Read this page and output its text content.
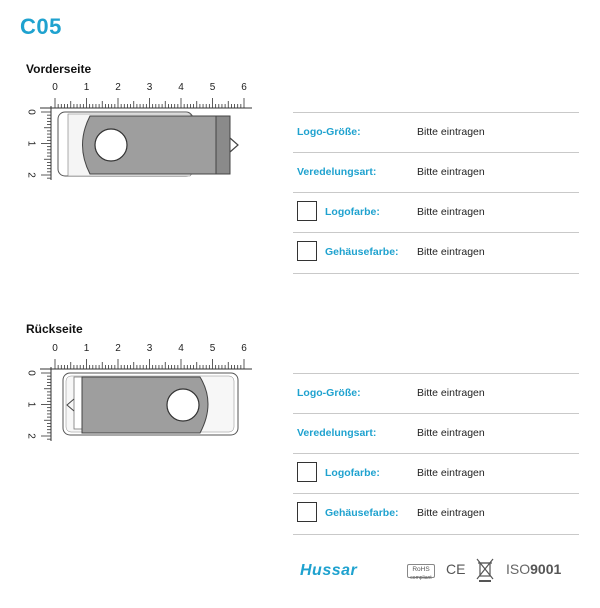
C05
Vorderseite
0	1	2	3	4	5	6
0
1
2
Logo-Größe:	Bitte eintragen
Veredelungsart:	Bitte eintragen
Logofarbe:	Bitte eintragen
Gehäusefarbe: Bitte eintragen
Rückseite
0	1	2	3	4	5	6
0
1
2
Logo-Größe:	Bitte eintragen
Veredelungsart:	Bitte eintragen
Logofarbe:	Bitte eintragen
Gehäusefarbe: Bitte eintragen
Hussar	RoHS
compliant
CE	ISO9001
